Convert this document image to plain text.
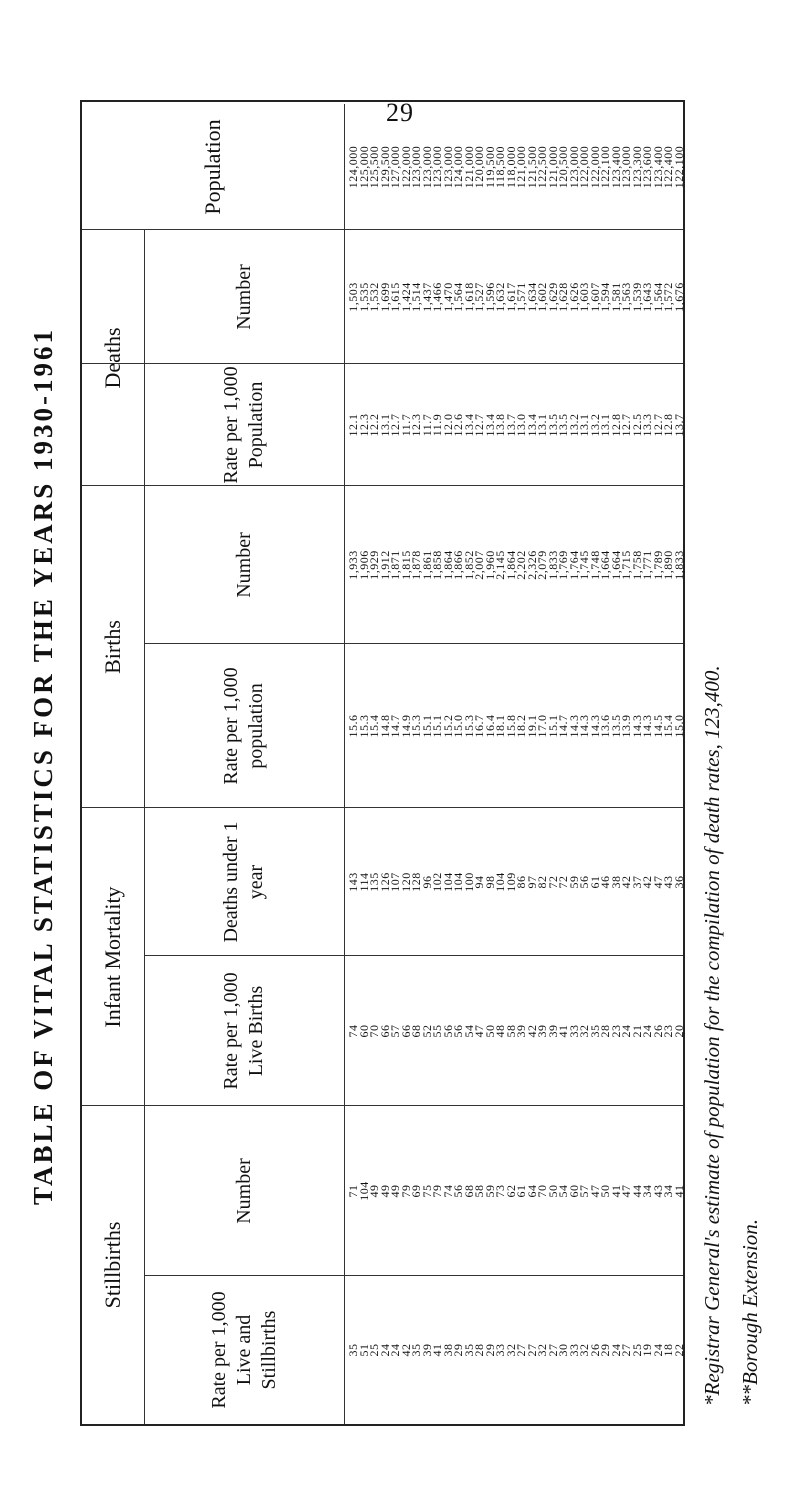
29
TABLE OF VITAL STATISTICS FOR THE YEARS 1930-1961
Stillbirths
Infant Mortality
Births
Deaths
Rate per 1,000 Live and Stillbirths
Number
Rate per 1,000 Live Births
Deaths under 1 year
Rate per 1,000 population
Number
Rate per 1,000 Population
Number
Population
35
51
25
24
24
42
35
39
41
38
29
35
28
29
33
32
27
27
32
27
30
33
32
26
29
24
27
25
19
24
18
22
71
104
49
49
49
79
69
75
79
74
56
68
58
59
73
62
61
64
70
50
54
60
57
47
50
41
47
44
34
43
34
41
74
60
70
66
57
66
68
52
55
56
56
54
47
50
48
58
39
42
39
39
41
33
32
35
28
23
24
21
24
26
23
20
143
114
135
126
107
120
128
96
102
104
104
100
94
98
104
109
86
97
82
72
72
59
56
61
46
38
42
37
42
47
43
36
15.6
15.3
15.4
14.8
14.7
14.9
15.3
15.1
15.1
15.2
15.0
15.3
16.7
16.4
18.1
15.8
18.2
19.1
17.0
15.1
14.7
14.3
14.3
14.3
13.6
13.5
13.9
14.3
14.3
14.5
15.4
15.0
1,933
1,906
1,929
1,912
1,871
1,815
1,878
1,861
1,858
1,864
1,866
1,852
2,007
1,960
2,145
1,864
2,202
2,326
2,079
1,833
1,769
1,764
1,745
1,748
1,664
1,664
1,715
1,758
1,771
1,789
1,890
1,833
12.1
12.3
12.2
13.1
12.7
11.7
12.3
11.7
11.9
12.0
12.6
13.4
12.7
13.4
13.8
13.7
13.0
13.4
13.1
13.5
13.5
13.2
13.1
13.2
13.1
12.8
12.7
12.5
13.3
12.7
12.8
13.7
1,503
1,535
1,532
1,699
1,615
1,424
1,514
1,437
1,466
1,470
1,564
1,618
1,527
1,596
1,632
1,617
1,571
1,634
1,602
1,629
1,628
1,626
1,603
1,607
1,594
1,581
1,563
1,539
1,643
1,564
1,572
1,676
124,000
125,000
125,500
129,500
127,000
122,000
123,000
123,000
123,000
123,000
124,000
121,000
120,000
119,500
118,500
118,000
121,000
121,500
122,500
121,000
120,500
123,000
122,000
122,000
122,100
123,400
123,000
123,300
123,600
123,400
122,400
122,100
*Registrar General's estimate of population for the compilation of death rates, 123,400. **Borough Extension.
